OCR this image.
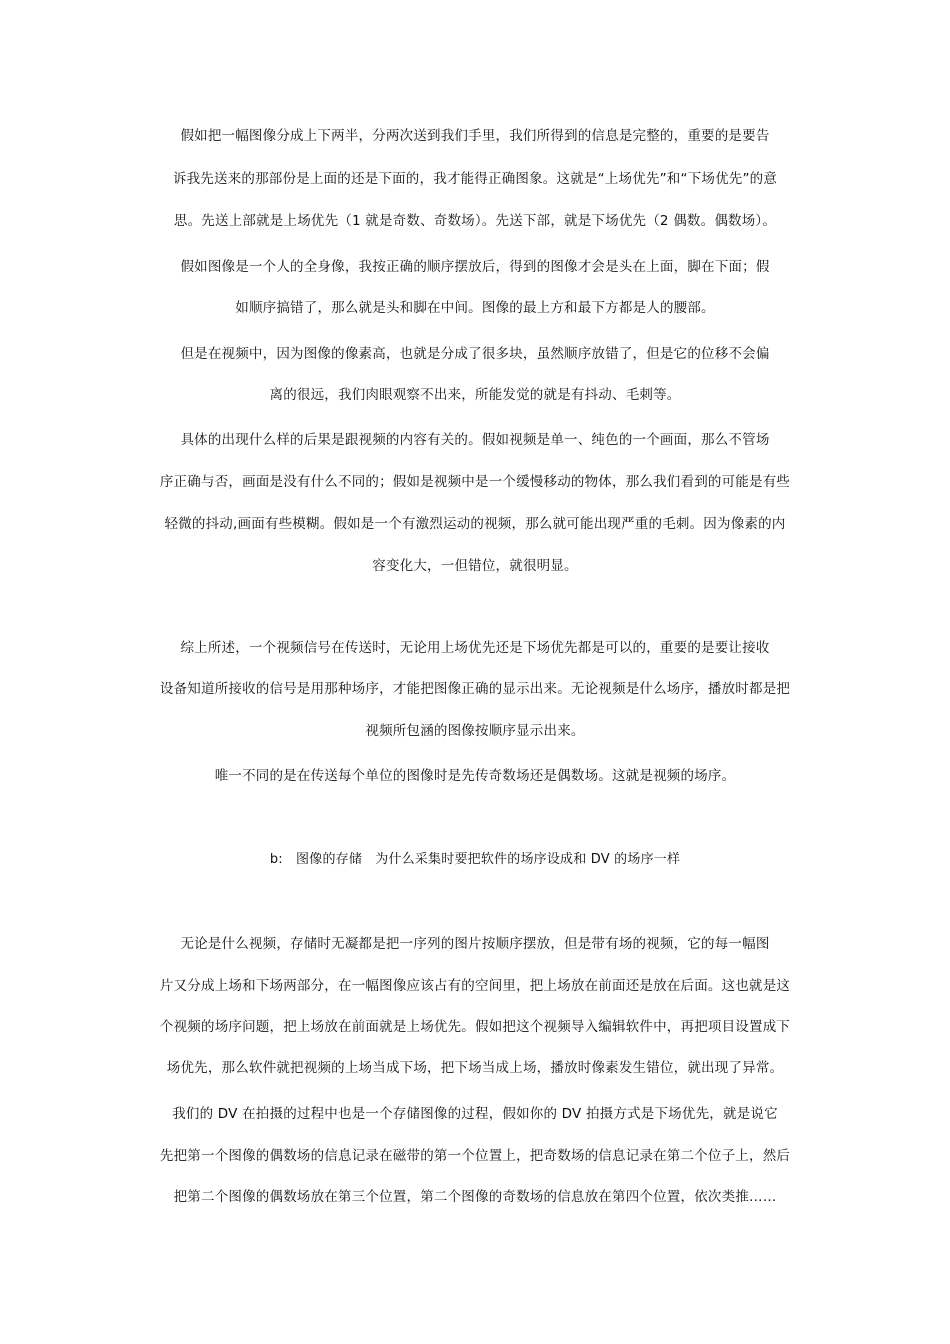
假如把一幅图像分成上下两半，分两次送到我们手里，我们所得到的信息是完整的，重要的是要告
诉我先送来的那部份是上面的还是下面的，我才能得正确图象。这就是“上场优先”和“下场优先”的意
思。先送上部就是上场优先（1 就是奇数、奇数场）。先送下部，就是下场优先（2 偶数。偶数场）。
假如图像是一个人的全身像，我按正确的顺序摆放后，得到的图像才会是头在上面，脚在下面；假
如顺序搞错了，那么就是头和脚在中间。图像的最上方和最下方都是人的腰部。
但是在视频中，因为图像的像素高，也就是分成了很多块，虽然顺序放错了，但是它的位移不会偏
离的很远，我们肉眼观察不出来，所能发觉的就是有抖动、毛刺等。
具体的出现什么样的后果是跟视频的内容有关的。假如视频是单一、纯色的一个画面，那么不管场
序正确与否，画面是没有什么不同的；假如是视频中是一个缓慢移动的物体，那么我们看到的可能是有些
轻微的抖动,画面有些模糊。假如是一个有激烈运动的视频，那么就可能出现严重的毛刺。因为像素的内
容变化大，一但错位，就很明显。
综上所述，一个视频信号在传送时，无论用上场优先还是下场优先都是可以的，重要的是要让接收
设备知道所接收的信号是用那种场序，才能把图像正确的显示出来。无论视频是什么场序，播放时都是把
视频所包涵的图像按顺序显示出来。
唯一不同的是在传送每个单位的图像时是先传奇数场还是偶数场。这就是视频的场序。
b:　图像的存储　为什么采集时要把软件的场序设成和 DV 的场序一样
无论是什么视频，存储时无凝都是把一序列的图片按顺序摆放，但是带有场的视频，它的每一幅图
片又分成上场和下场两部分，在一幅图像应该占有的空间里，把上场放在前面还是放在后面。这也就是这
个视频的场序问题，把上场放在前面就是上场优先。假如把这个视频导入编辑软件中，再把项目设置成下
场优先，那么软件就把视频的上场当成下场，把下场当成上场，播放时像素发生错位，就出现了异常。
我们的 DV 在拍摄的过程中也是一个存储图像的过程，假如你的 DV 拍摄方式是下场优先，就是说它
先把第一个图像的偶数场的信息记录在磁带的第一个位置上，把奇数场的信息记录在第二个位子上，然后
把第二个图像的偶数场放在第三个位置，第二个图像的奇数场的信息放在第四个位置，依次类推……
